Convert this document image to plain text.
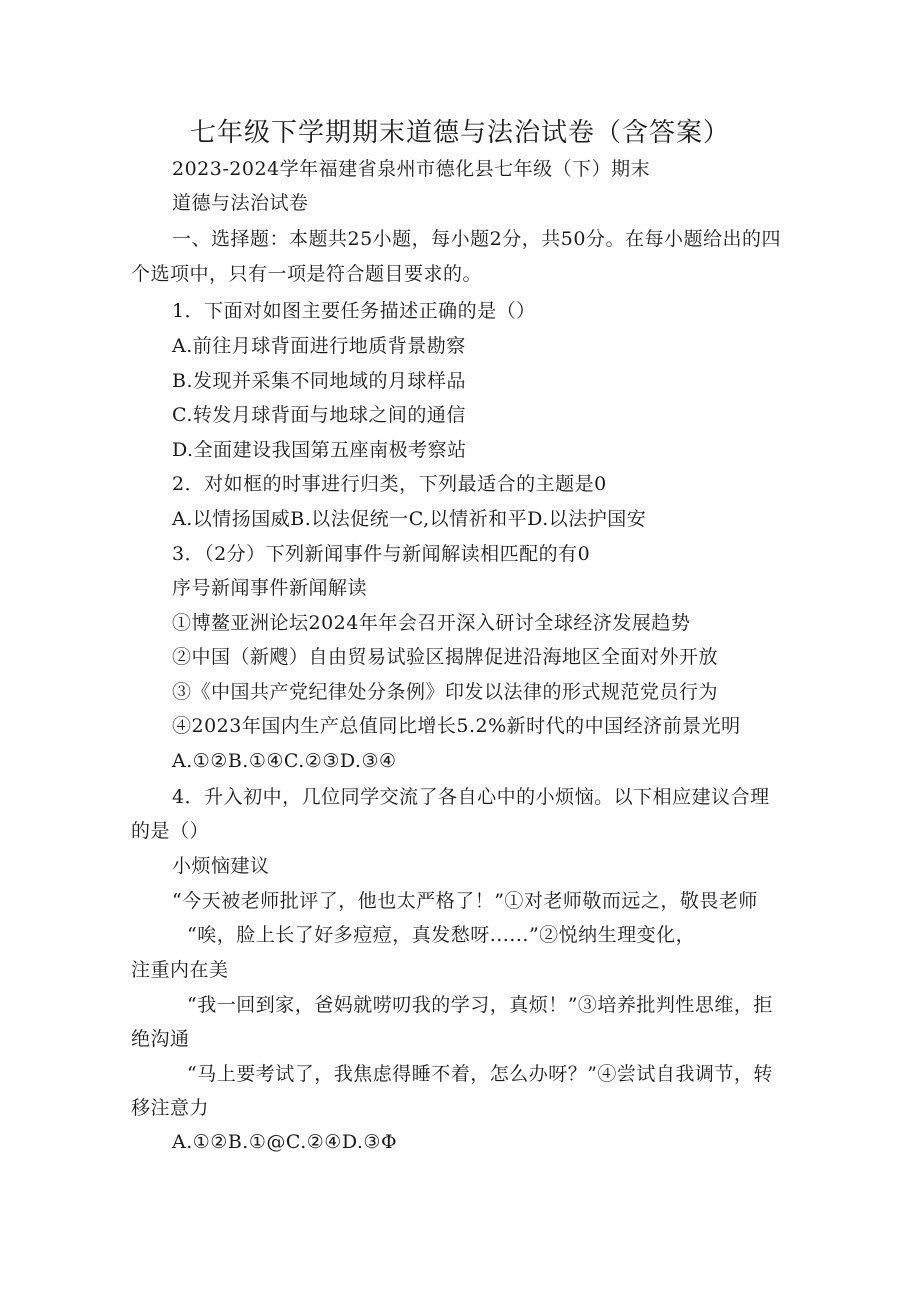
七年级下学期期末道德与法治试卷（含答案）
2023-2024学年福建省泉州市德化县七年级（下）期末
道德与法治试卷
一、选择题：本题共25小题，每小题2分，共50分。在每小题给出的四
个选项中，只有一项是符合题目要求的。
1．下面对如图主要任务描述正确的是（）
A.前往月球背面进行地质背景勘察
B.发现并采集不同地域的月球样品
C.转发月球背面与地球之间的通信
D.全面建设我国第五座南极考察站
2．对如框的时事进行归类，下列最适合的主题是0
A.以情扬国威B.以法促统一C,以情祈和平D.以法护国安
3．（2分）下列新闻事件与新闻解读相匹配的有0
序号新闻事件新闻解读
①博鳌亚洲论坛2024年年会召开深入研讨全球经济发展趋势
②中国（新飕）自由贸易试验区揭牌促进沿海地区全面对外开放
③《中国共产党纪律处分条例》印发以法律的形式规范党员行为
④2023年国内生产总值同比增长5.2%新时代的中国经济前景光明
A.①②B.①④C.②③D.③④
4．升入初中，几位同学交流了各自心中的小烦恼。以下相应建议合理
的是（）
小烦恼建议
“今天被老师批评了，他也太严格了！”①对老师敬而远之，敬畏老师
“唉，脸上长了好多痘痘，真发愁呀......”②悦纳生理变化，
注重内在美
“我一回到家，爸妈就唠叨我的学习，真烦！”③培养批判性思维，拒
绝沟通
“马上要考试了，我焦虑得睡不着，怎么办呀？”④尝试自我调节，转
移注意力
A.①②B.①@C.②④D.③Φ
